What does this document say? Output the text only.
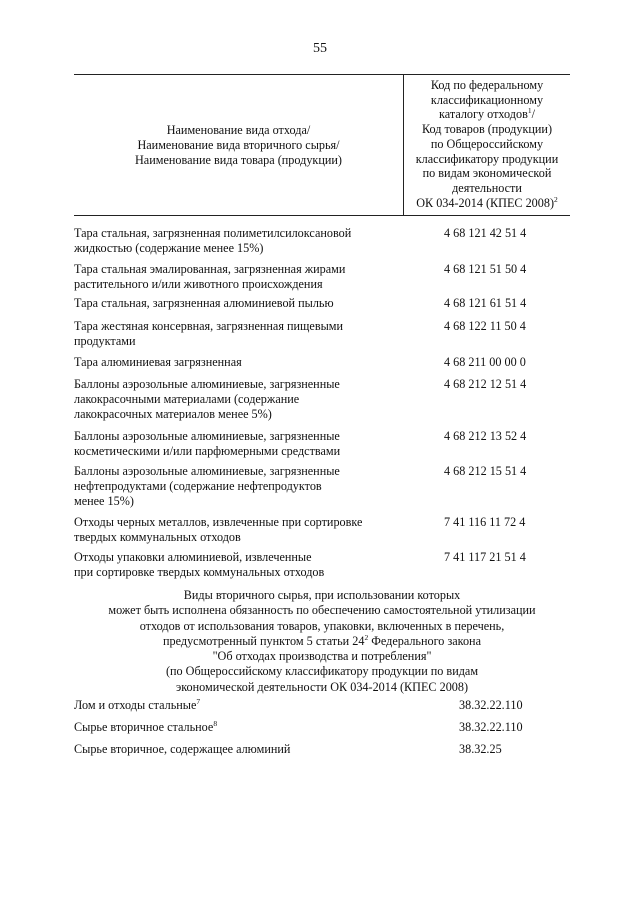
55
Наименование вида отхода/
Наименование вида вторичного сырья/
Наименование вида товара (продукции)
Код по федеральному
классификационному
каталогу отходов$^1$/
Код товаров (продукции)
по Общероссийскому
классификатору продукции
по видам экономической
деятельности
ОК 034-2014 (КПЕС 2008)$^2$
Тара стальная, загрязненная полиметилсилоксановой
жидкостью (содержание менее 15%)
4 68 121 42 51 4
Тара стальная эмалированная, загрязненная жирами
растительного и/или животного происхождения
4 68 121 51 50 4
Тара стальная, загрязненная алюминиевой пылью	4 68 121 61 51 4
Тара жестяная консервная, загрязненная пищевыми
продуктами
4 68 122 11 50 4
Тара алюминиевая загрязненная	4 68 211 00 00 0
Баллоны аэрозольные алюминиевые, загрязненные
лакокрасочными материалами (содержание
лакокрасочных материалов менее 5%)
4 68 212 12 51 4
Баллоны аэрозольные алюминиевые, загрязненные
косметическими и/или парфюмерными средствами
4 68 212 13 52 4
Баллоны аэрозольные алюминиевые, загрязненные
нефтепродуктами (содержание нефтепродуктов
менее 15%)
4 68 212 15 51 4
Отходы черных металлов, извлеченные при сортировке
твердых коммунальных отходов
7 41 116 11 72 4
Отходы упаковки алюминиевой, извлеченные
при сортировке твердых коммунальных отходов
7 41 117 21 51 4
Виды вторичного сырья, при использовании которых
может быть исполнена обязанность по обеспечению самостоятельной утилизации
отходов от использования товаров, упаковки, включенных в перечень,
предусмотренный пунктом 5 статьи $24^2$ Федерального закона
"Об отходах производства и потребления"
(по Общероссийскому классификатору продукции по видам
экономической деятельности ОК 034-2014 (КПЕС 2008)
Лом и отходы стальные$^7$	38.32.22.110
Сырье вторичное стальное$^8$	38.32.22.110
Сырье вторичное, содержащее алюминий	38.32.25
